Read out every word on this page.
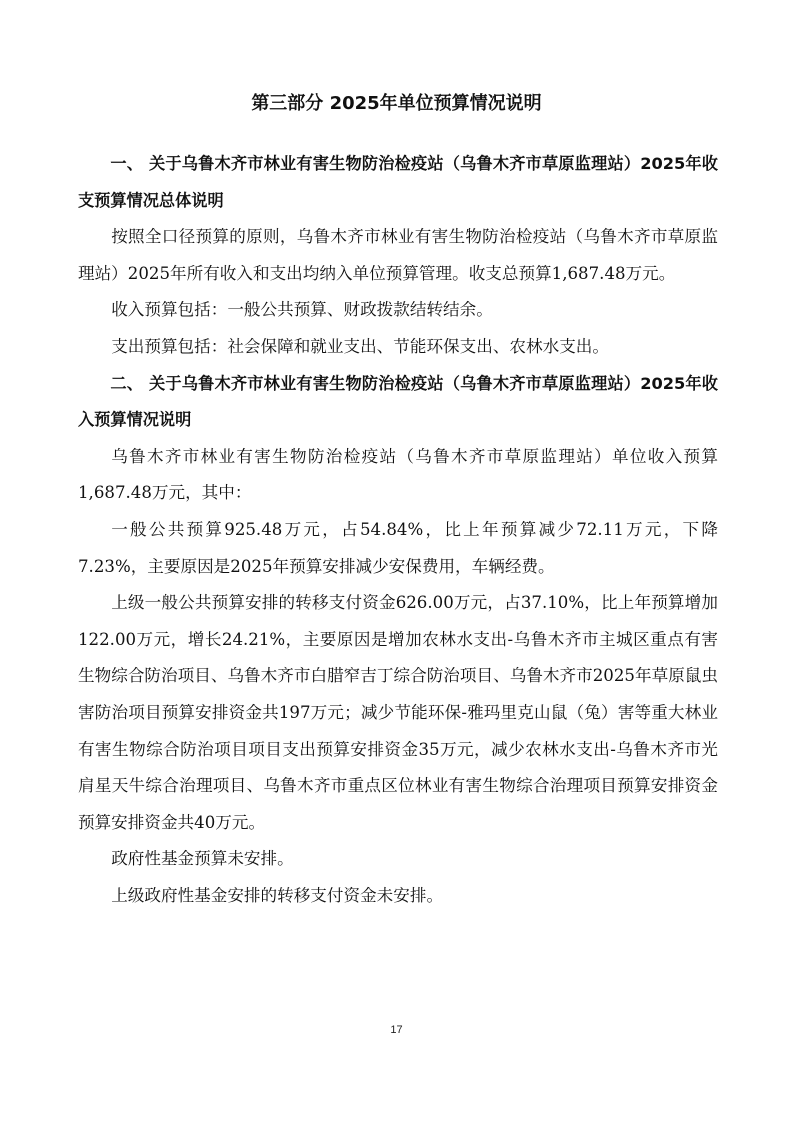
第三部分 2025年单位预算情况说明

一、 关于乌鲁木齐市林业有害生物防治检疫站（乌鲁木齐市草原监理站）2025年收支预算情况总体说明

按照全口径预算的原则，乌鲁木齐市林业有害生物防治检疫站（乌鲁木齐市草原监理站）2025年所有收入和支出均纳入单位预算管理。收支总预算1,687.48万元。

收入预算包括：一般公共预算、财政拨款结转结余。

支出预算包括：社会保障和就业支出、节能环保支出、农林水支出。

二、 关于乌鲁木齐市林业有害生物防治检疫站（乌鲁木齐市草原监理站）2025年收入预算情况说明

乌鲁木齐市林业有害生物防治检疫站（乌鲁木齐市草原监理站）单位收入预算1,687.48万元，其中：

一般公共预算925.48万元，占54.84%，比上年预算减少72.11万元，下降7.23%，主要原因是2025年预算安排减少安保费用，车辆经费。

上级一般公共预算安排的转移支付资金626.00万元，占37.10%，比上年预算增加122.00万元，增长24.21%，主要原因是增加农林水支出-乌鲁木齐市主城区重点有害生物综合防治项目、乌鲁木齐市白腊窄吉丁综合防治项目、乌鲁木齐市2025年草原鼠虫害防治项目预算安排资金共197万元；减少节能环保-雅玛里克山鼠（兔）害等重大林业有害生物综合防治项目项目支出预算安排资金35万元，减少农林水支出-乌鲁木齐市光肩星天牛综合治理项目、乌鲁木齐市重点区位林业有害生物综合治理项目预算安排资金预算安排资金共40万元。

政府性基金预算未安排。

上级政府性基金安排的转移支付资金未安排。

17
